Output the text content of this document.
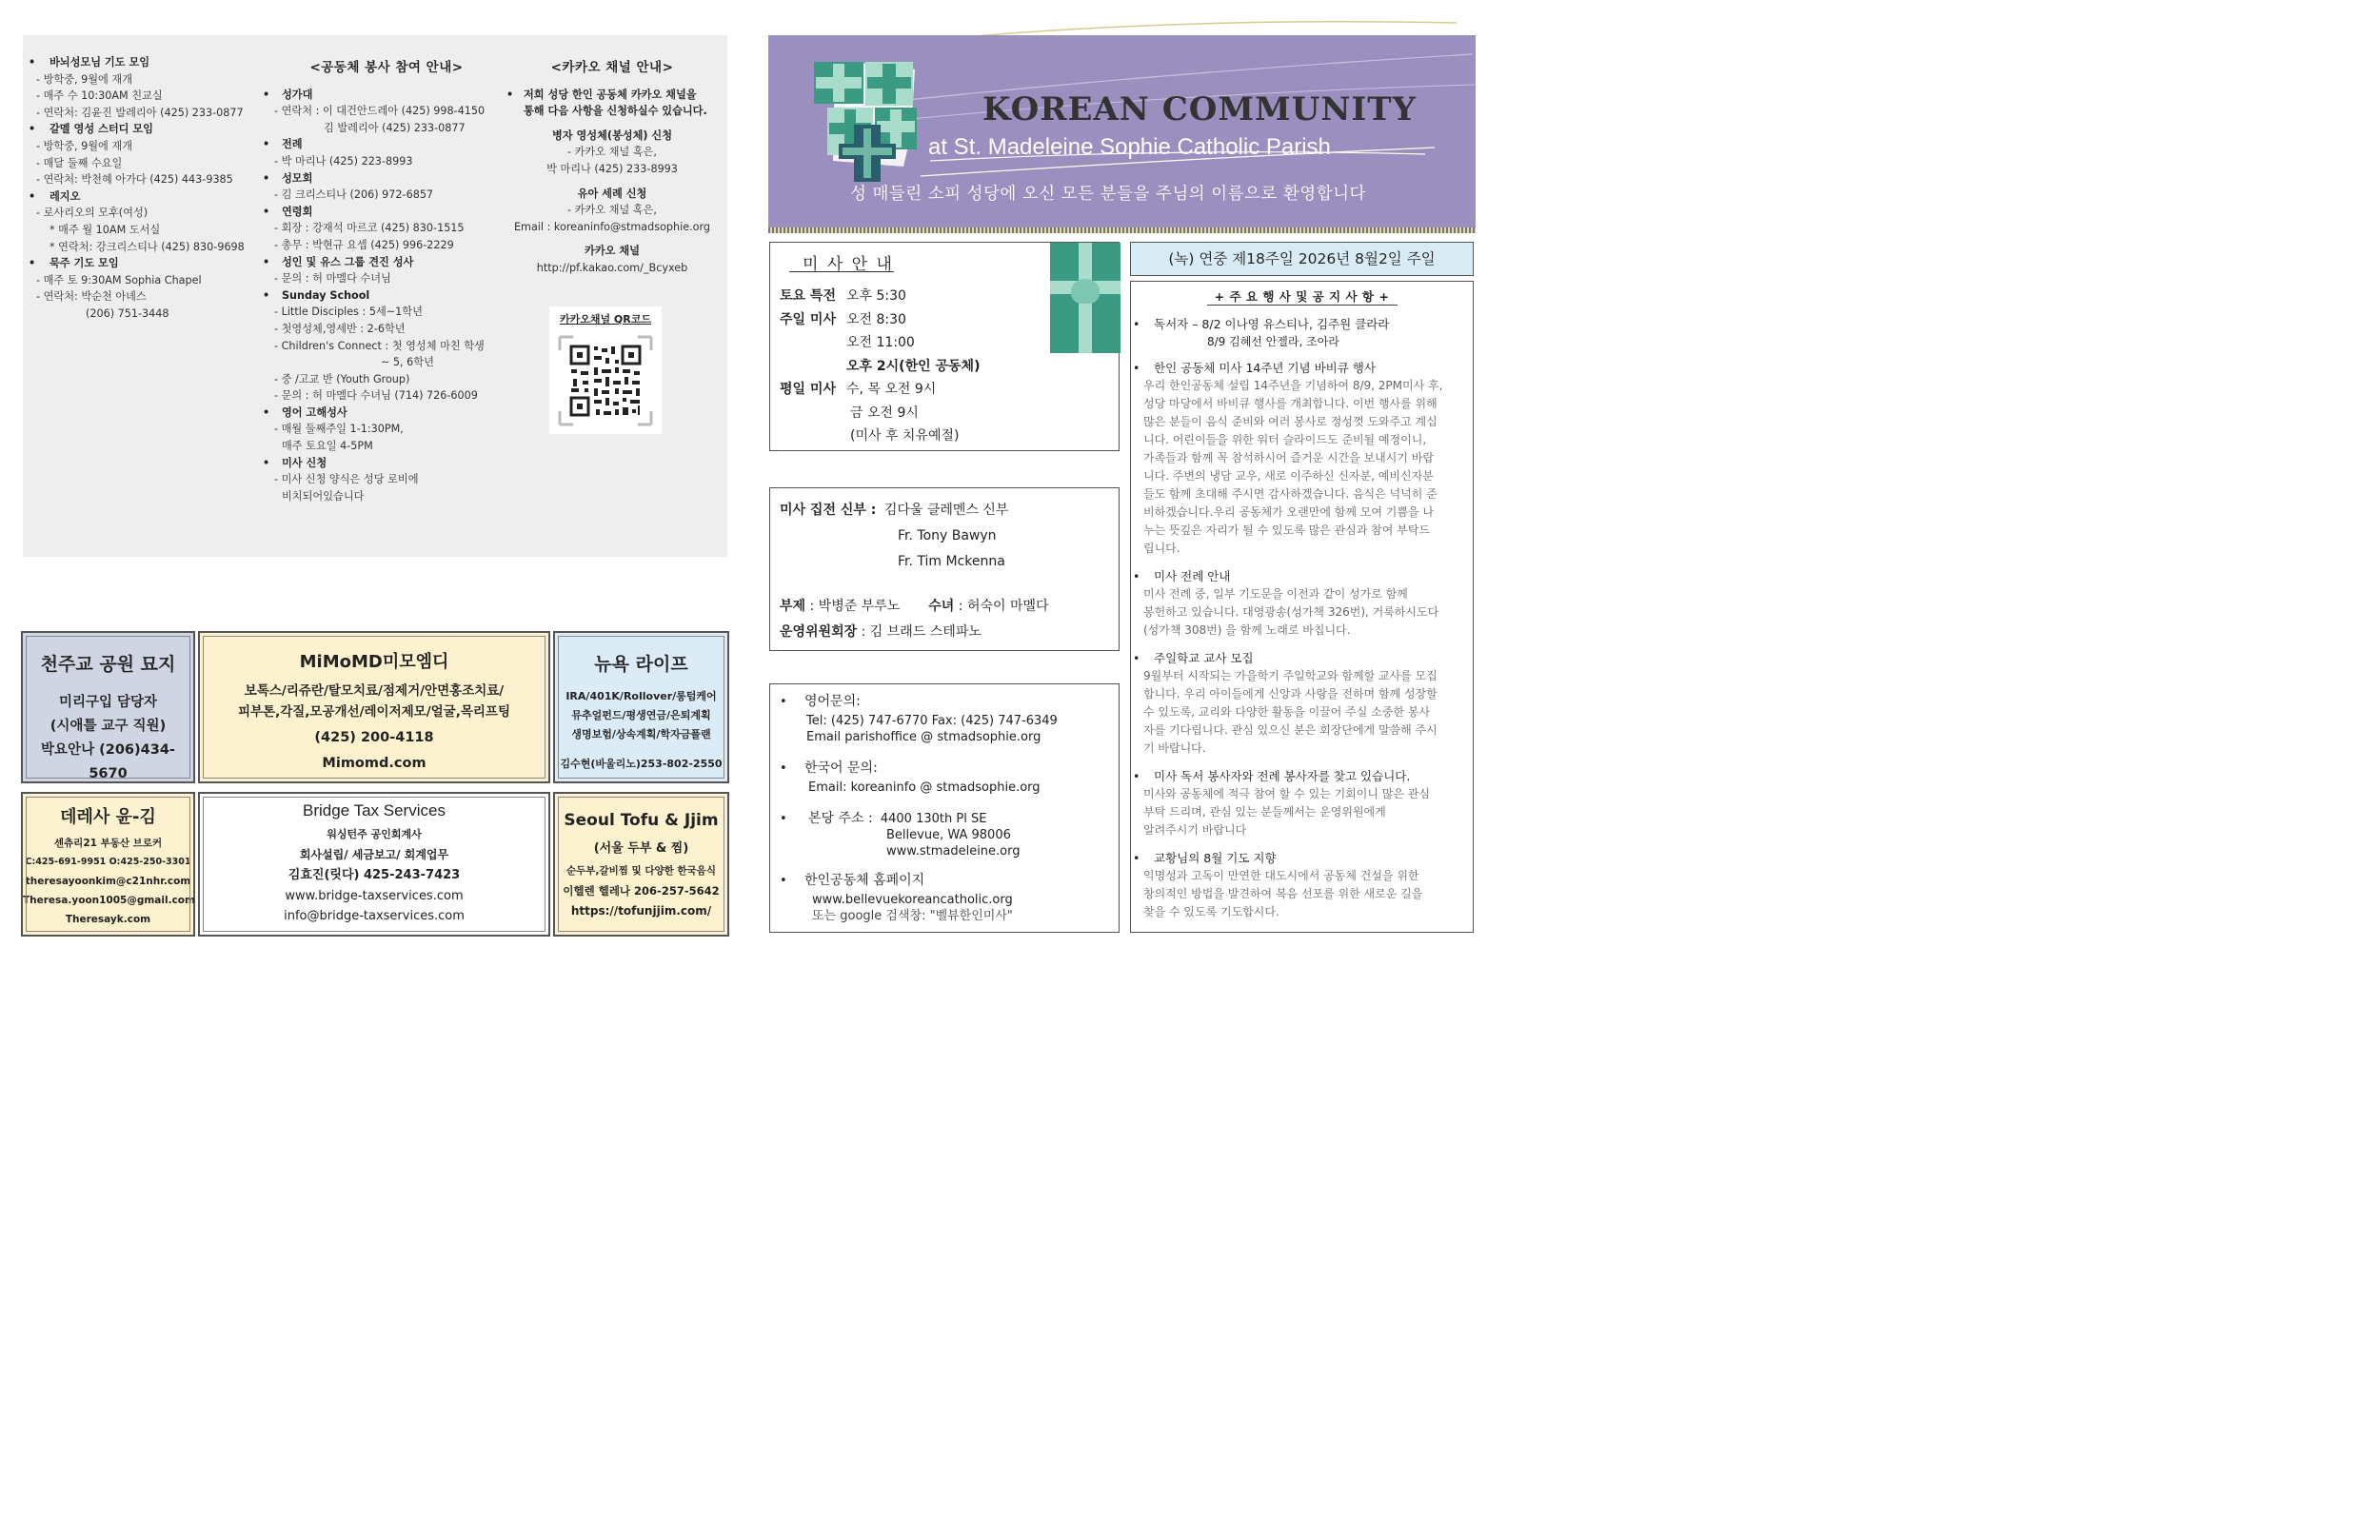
•	바뇌성모님 기도 모임
- 방학중, 9월에 재개
- 매주 수 10:30AM 친교실
- 연락처: 김윤진 발레리아 (425) 233-0877
•	갈멜 영성 스터디 모임
- 방학중, 9월에 재개
- 매달 둘째 수요일
- 연락처: 박천혜 아가다 (425) 443-9385
•	레지오
- 로사리오의 모후(여성)
* 매주 월 10AM 도서실
* 연락처: 강크리스티나 (425) 830-9698
•	묵주 기도 모임
- 매주 토 9:30AM Sophia Chapel
- 연락처: 박순천 아녜스
(206) 751-3448
<공동체 봉사 참여 안내>
•	성가대
- 연락처 : 이 대건안드레아 (425) 998-4150
김 발레리아 (425) 233-0877
•	전례
- 박 마리나 (425) 223-8993
•	성모회
- 김 크리스티나 (206) 972-6857
•	연령회
- 회장 : 강재석 마르코 (425) 830-1515
- 총무 : 박현규 요셉 (425) 996-2229
•	성인 및 유스 그룹 견진 성사
- 문의 : 허 마멜다 수녀님
•	Sunday School
- Little Disciples : 5세~1학년
- 첫영성체,영세반 : 2-6학년
- Children's Connect : 첫 영성체 마친 학생
~ 5, 6학년
- 중 /고교 반 (Youth Group)
- 문의 : 허 마멜다 수녀님 (714) 726-6009
•	영어 고해성사
- 매월 둘째주일 1-1:30PM,
매주 토요일 4-5PM
•	미사 신청
- 미사 신청 양식은 성당 로비에
비치되어있습니다
<카카오 채널 안내>
• 저희 성당 한인 공동체 카카오 채널을
통해 다음 사항을 신청하실수 있습니다.
병자 영성체(봉성체) 신청
- 카카오 채널 혹은,
박 마리나 (425) 233-8993
유아 세례 신청
- 카카오 채널 혹은,
Email : koreaninfo@stmadsophie.org
카카오 채널
http://pf.kakao.com/_Bcyxeb
카카오채널 QR코드
천주교 공원 묘지
미리구입 담당자
(시애틀 교구 직원)
박요안나 (206)434-5670
MiMoMD미모엠디
보톡스/리쥬란/탈모치료/점제거/안면홍조치료/
피부톤,각질,모공개선/레이저제모/얼굴,목리프팅
(425) 200-4118
Mimomd.com
뉴욕 라이프
IRA/401K/Rollover/롱텀케어
뮤추얼펀드/평생연금/은퇴계획
생명보험/상속계획/학자금플랜
김수현(바울리노)253-802-2550
데레사 윤-김
센츄리21 부동산 브로커
C:425-691-9951 O:425-250-3301
theresayoonkim@c21nhr.com
Theresa.yoon1005@gmail.com
Theresayk.com
Bridge Tax Services
워싱턴주 공인회계사
회사설립/ 세금보고/ 회계업무
김효진(릿다) 425-243-7423
www.bridge-taxservices.com
info@bridge-taxservices.com
Seoul Tofu & Jjim
(서울 두부 & 찜)
순두부,갈비찜 및 다양한 한국음식
이헬렌 헬레나 206-257-5642
https://tofunjjim.com/
KOREAN COMMUNITY
at St. Madeleine Sophie Catholic Parish
성 매들린 소피 성당에 오신 모든 분들을 주님의 이름으로 환영합니다
미 사 안 내
토요 특전 오후 5:30
주일 미사 오전 8:30
오전 11:00
오후 2시(한인 공동체)
평일 미사 수, 목 오전 9시
금 오전 9시
(미사 후 치유예절)
미사 집전 신부 : 김다울 클레멘스 신부
Fr. Tony Bawyn
Fr. Tim Mckenna
부제 : 박병준 부루노 수녀 : 허숙이 마멜다
운영위원회장 : 김 브래드 스테파노
• 영어문의:
Tel: (425) 747-6770 Fax: (425) 747-6349
Email parishoffice @ stmadsophie.org
• 한국어 문의:
Email: koreaninfo @ stmadsophie.org
• 본당 주소 : 4400 130th Pl SE
Bellevue, WA 98006
www.stmadeleine.org
• 한인공동체 홈페이지
www.bellevuekoreancatholic.org
또는 google 검색창: "벨뷰한인미사"
(녹) 연중 제18주일 2026년 8월2일 주일
+ 주 요 행 사 및 공 지 사 항 +
•	독서자 – 8/2 이나영 유스티나, 김주원 클라라
8/9 김혜선 안젤라, 조아라
•	한인 공동체 미사 14주년 기념 바비큐 행사
우리 한인공동체 설립 14주년을 기념하여 8/9, 2PM미사 후,
성당 마당에서 바비큐 행사를 개최합니다. 이번 행사를 위해
많은 분들이 음식 준비와 여러 봉사로 정성껏 도와주고 계십
니다. 어린이들을 위한 워터 슬라이드도 준비될 예정이니,
가족들과 함께 꼭 참석하시어 즐거운 시간을 보내시기 바랍
니다. 주변의 냉담 교우, 새로 이주하신 신자분, 예비신자분
들도 함께 초대해 주시면 감사하겠습니다. 음식은 넉넉히 준
비하겠습니다.우리 공동체가 오랜만에 함께 모여 기쁨을 나
누는 뜻깊은 자리가 될 수 있도록 많은 관심과 참여 부탁드
립니다.
•	미사 전례 안내
미사 전례 중, 일부 기도문을 이전과 같이 성가로 함께
봉헌하고 있습니다. 대영광송(성가책 326번), 거룩하시도다
(성가책 308번) 을 함께 노래로 바칩니다.
•	주일학교 교사 모집
9월부터 시작되는 가을학기 주일학교와 함께할 교사를 모집
합니다. 우리 아이들에게 신앙과 사랑을 전하며 함께 성장할
수 있도록, 교리와 다양한 활동을 이끌어 주실 소중한 봉사
자를 기다립니다. 관심 있으신 분은 회장단에게 말씀해 주시
기 바랍니다.
•	미사 독서 봉사자와 전례 봉사자를 찾고 있습니다.
미사와 공동체에 적극 참여 할 수 있는 기회이니 많은 관심
부탁 드리며, 관심 있는 분들께서는 운영위원에게
알려주시기 바랍니다
•	교황님의 8월 기도 지향
익명성과 고독이 만연한 대도시에서 공동체 건설을 위한
창의적인 방법을 발견하여 복음 선포를 위한 새로운 길을
찾을 수 있도록 기도합시다.
